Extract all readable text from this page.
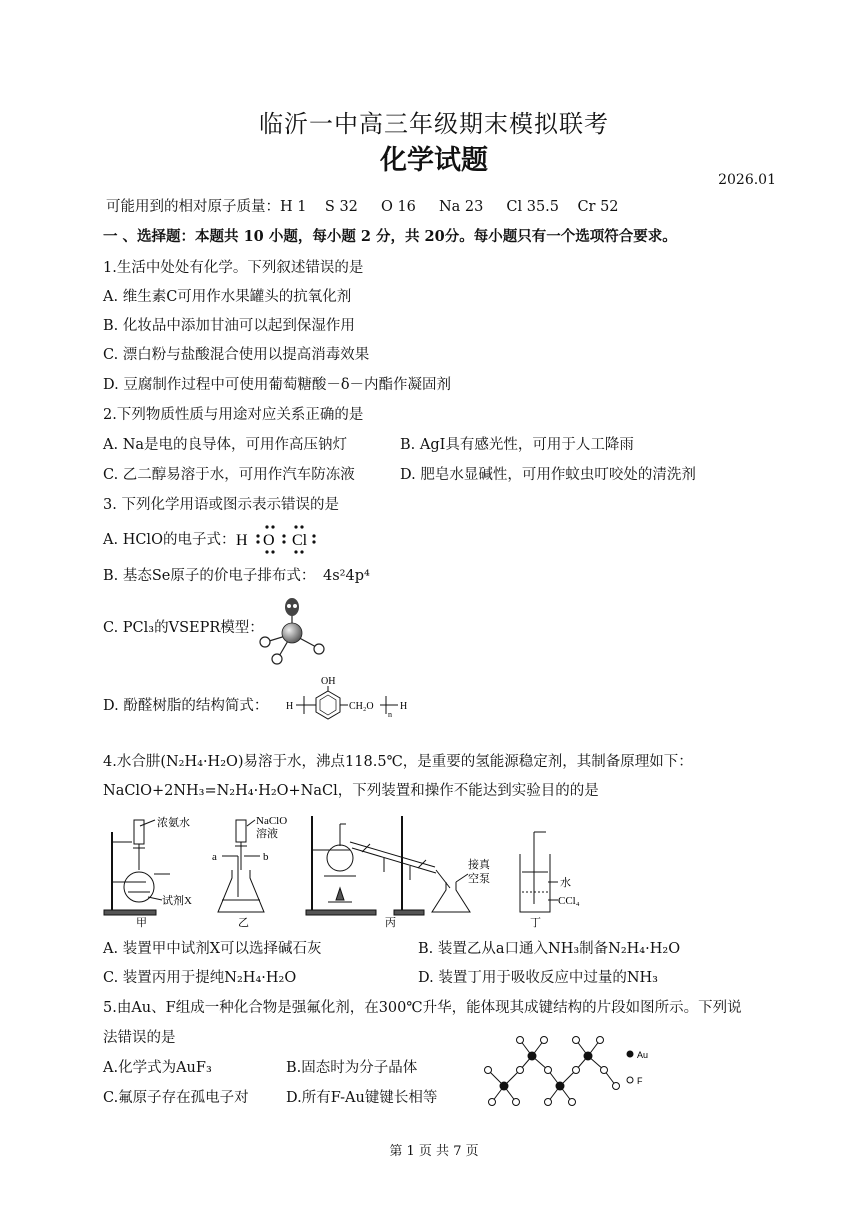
临沂一中高三年级期末模拟联考
化学试题
2026.01
可能用到的相对原子质量：H 1    S 32     O 16     Na 23     Cl 35.5    Cr 52
一 、选择题：本题共 10 小题，每小题 2 分，共 20分。每小题只有一个选项符合要求。
1.生活中处处有化学。下列叙述错误的是
A. 维生素C可用作水果罐头的抗氧化剂
B. 化妆品中添加甘油可以起到保湿作用
C. 漂白粉与盐酸混合使用以提高消毒效果
D. 豆腐制作过程中可使用葡萄糖酸－δ－内酯作凝固剂
2.下列物质性质与用途对应关系正确的是
A. Na是电的良导体，可用作高压钠灯	B. AgI具有感光性，可用于人工降雨
C. 乙二醇易溶于水，可用作汽车防冻液	D. 肥皂水显碱性，可用作蚊虫叮咬处的清洗剂
3. 下列化学用语或图示表示错误的是
A. HClO的电子式： H O Cl
B. 基态Se原子的价电子排布式： 4s²4p⁴
C. PCl₃的VSEPR模型：
D. 酚醛树脂的结构简式：
OH
H	CH₂O
n
H
4.水合肼(N₂H₄·H₂O)易溶于水，沸点118.5℃，是重要的氢能源稳定剂，其制备原理如下：
NaClO+2NH₃=N₂H₄·H₂O+NaCl，下列装置和操作不能达到实验目的的是
浓氨水
试剂X
甲
NaClO
溶液
a	b
乙
接真
空泵
丙
水
CCl₄
丁
A. 装置甲中试剂X可以选择碱石灰	B. 装置乙从a口通入NH₃制备N₂H₄·H₂O
C. 装置丙用于提纯N₂H₄·H₂O	D. 装置丁用于吸收反应中过量的NH₃
5.由Au、F组成一种化合物是强氟化剂，在300℃升华，能体现其成键结构的片段如图所示。下列说
法错误的是
A.化学式为AuF₃	B.固态时为分子晶体
C.氟原子存在孤电子对	D.所有F-Au键键长相等
Au
F
第 1 页 共 7 页
